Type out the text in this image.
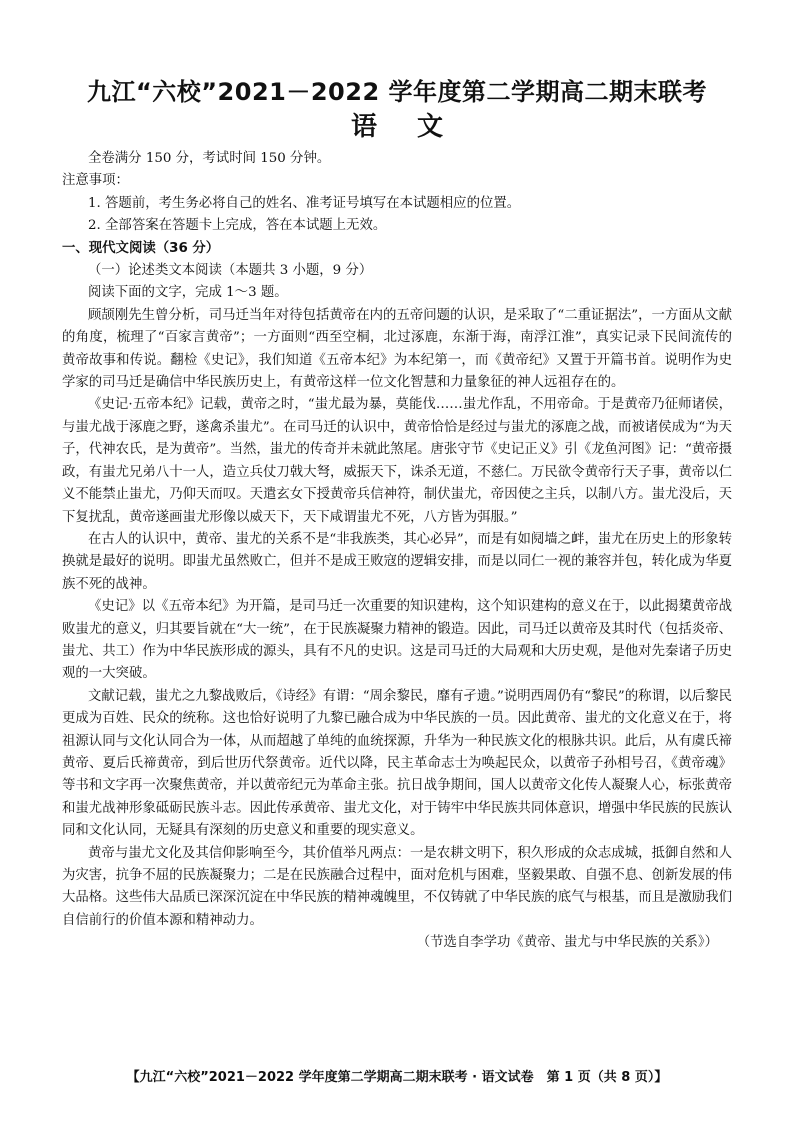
九江“六校”2021－2022 学年度第二学期高二期末联考
语文
全卷满分 150 分，考试时间 150 分钟。
注意事项：
1. 答题前，考生务必将自己的姓名、准考证号填写在本试题相应的位置。
2. 全部答案在答题卡上完成，答在本试题上无效。
一、现代文阅读（36 分）
（一）论述类文本阅读（本题共 3 小题，9 分）
阅读下面的文字，完成 1～3 题。

顾颉刚先生曾分析，司马迁当年对待包括黄帝在内的五帝问题的认识，是采取了“二重证据法”，一方面从文献的角度，梳理了“百家言黄帝”；一方面则“西至空桐，北过涿鹿，东渐于海，南浮江淮”，真实记录下民间流传的黄帝故事和传说。翻检《史记》，我们知道《五帝本纪》为本纪第一，而《黄帝纪》又置于开篇书首。说明作为史学家的司马迁是确信中华民族历史上，有黄帝这样一位文化智慧和力量象征的神人远祖存在的。

《史记·五帝本纪》记载，黄帝之时，“蚩尤最为暴，莫能伐……蚩尤作乱，不用帝命。于是黄帝乃征师诸侯，与蚩尤战于涿鹿之野，遂禽杀蚩尤”。在司马迁的认识中，黄帝恰恰是经过与蚩尤的涿鹿之战，而被诸侯成为“为天子，代神农氏，是为黄帝”。当然，蚩尤的传奇并未就此煞尾。唐张守节《史记正义》引《龙鱼河图》记：“黄帝摄政，有蚩尤兄弟八十一人，造立兵仗刀戟大弩，威振天下，诛杀无道，不慈仁。万民欲令黄帝行天子事，黄帝以仁义不能禁止蚩尤，乃仰天而叹。天遣玄女下授黄帝兵信神符，制伏蚩尤，帝因使之主兵，以制八方。蚩尤没后，天下复扰乱，黄帝遂画蚩尤形像以威天下，天下咸谓蚩尤不死，八方皆为弭服。”

在古人的认识中，黄帝、蚩尤的关系不是“非我族类，其心必异”，而是有如阋墙之衅，蚩尤在历史上的形象转换就是最好的说明。即蚩尤虽然败亡，但并不是成王败寇的逻辑安排，而是以同仁一视的兼容并包，转化成为华夏族不死的战神。

《史记》以《五帝本纪》为开篇，是司马迁一次重要的知识建构，这个知识建构的意义在于，以此揭橥黄帝战败蚩尤的意义，归其要旨就在“大一统”，在于民族凝聚力精神的锻造。因此，司马迁以黄帝及其时代（包括炎帝、蚩尤、共工）作为中华民族形成的源头，具有不凡的史识。这是司马迁的大局观和大历史观，是他对先秦诸子历史观的一大突破。

文献记载，蚩尤之九黎战败后，《诗经》有谓：“周余黎民，靡有孑遗。”说明西周仍有“黎民”的称谓，以后黎民更成为百姓、民众的统称。这也恰好说明了九黎已融合成为中华民族的一员。因此黄帝、蚩尤的文化意义在于，将祖源认同与文化认同合为一体，从而超越了单纯的血统探源，升华为一种民族文化的根脉共识。此后，从有虞氏禘黄帝、夏后氏禘黄帝，到后世历代祭黄帝。近代以降，民主革命志士为唤起民众，以黄帝子孙相号召，《黄帝魂》等书和文字再一次聚焦黄帝，并以黄帝纪元为革命主张。抗日战争期间，国人以黄帝文化传人凝聚人心，标张黄帝和蚩尤战神形象砥砺民族斗志。因此传承黄帝、蚩尤文化，对于铸牢中华民族共同体意识，增强中华民族的民族认同和文化认同，无疑具有深刻的历史意义和重要的现实意义。

黄帝与蚩尤文化及其信仰影响至今，其价值举凡两点：一是农耕文明下，积久形成的众志成城，抵御自然和人为灾害，抗争不屈的民族凝聚力；二是在民族融合过程中，面对危机与困难，坚毅果敢、自强不息、创新发展的伟大品格。这些伟大品质已深深沉淀在中华民族的精神魂魄里，不仅铸就了中华民族的底气与根基，而且是激励我们自信前行的价值本源和精神动力。

（节选自李学功《黄帝、蚩尤与中华民族的关系》）
【九江“六校”2021－2022 学年度第二学期高二期末联考 · 语文试卷　第 1 页（共 8 页）】
